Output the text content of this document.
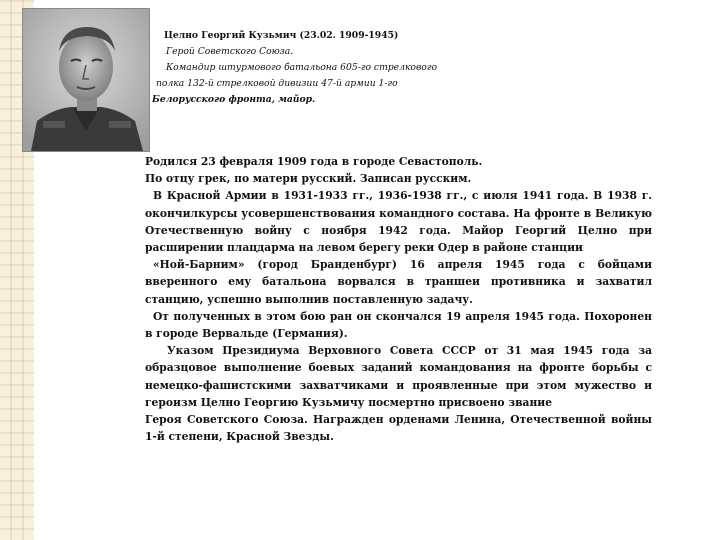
Целно Георгий Кузьмич (23.02. 1909-1945)
Герой Советского Союза.
Командир штурмового батальона 605-го стрелкового
полка 132-й стрелковой дивизии 47-й армии 1-го
Белорусского фронта, майор.

Родился 23 февраля 1909 года в городе Севастополь.

По отцу грек, по матери русский. Записан русским.

В Красной Армии в 1931-1933 гг., 1936-1938 гг., с июля 1941 года. В 1938 г. окончилкурсы усовершенствования командного состава. На фронте в Великую Отечественную войну с ноября 1942 года. Майор Георгий Целно при расширении плацдарма на левом берегу реки Одер в районе станции

«Ной-Барним» (город Бранденбург) 16 апреля 1945 года с бойцами вверенного ему батальона ворвался в траншеи противника и захватил станцию, успешно выполнив поставленную задачу.

От полученных в этом бою ран он скончался 19 апреля 1945 года. Похоронен в городе Вервальде (Германия).

Указом Президиума Верховного Совета СССР от 31 мая 1945 года за образцовое выполнение боевых заданий командования на фронте борьбы с немецко-фашистскими захватчиками и проявленные при этом мужество и героизм Целно Георгию Кузьмичу посмертно присвоено звание

Героя Советского Союза. Награжден орденами Ленина, Отечественной войны 1-й степени, Красной Звезды.
